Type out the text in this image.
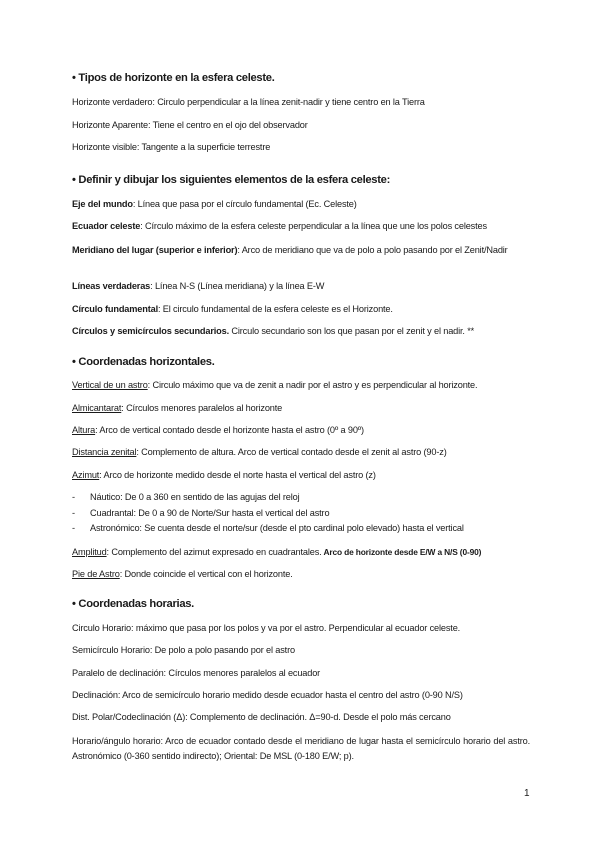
• Tipos de horizonte en la esfera celeste.
Horizonte verdadero: Circulo perpendicular a la línea zenit-nadir y tiene centro en la Tierra
Horizonte Aparente: Tiene el centro en el ojo del observador
Horizonte visible: Tangente a la superficie terrestre
• Definir y dibujar los siguientes elementos de la esfera celeste:
Eje del mundo: Línea que pasa por el círculo fundamental (Ec. Celeste)
Ecuador celeste: Círculo máximo de la esfera celeste perpendicular a la línea que une los polos celestes
Meridiano del lugar (superior e inferior): Arco de meridiano que va de polo a polo pasando por el Zenit/Nadir
Líneas verdaderas: Línea N-S (Línea meridiana) y la línea E-W
Círculo fundamental: El circulo fundamental de la esfera celeste es el Horizonte.
Círculos y semicírculos secundarios. Circulo secundario son los que pasan por el zenit y el nadir. **
• Coordenadas horizontales.
Vertical de un astro: Circulo máximo que va de zenit a nadir por el astro y es perpendicular al horizonte.
Almicantarat: Círculos menores paralelos al horizonte
Altura: Arco de vertical contado desde el horizonte hasta el astro (0º a 90º)
Distancia zenital: Complemento de altura. Arco de vertical contado desde el zenit al astro (90-z)
Azimut: Arco de horizonte medido desde el norte hasta el vertical del astro (z)
- Náutico: De 0 a 360 en sentido de las agujas del reloj
- Cuadrantal: De 0 a 90 de Norte/Sur hasta el vertical del astro
- Astronómico: Se cuenta desde el norte/sur (desde el pto cardinal polo elevado) hasta el vertical
Amplitud: Complemento del azimut expresado en cuadrantales. Arco de horizonte desde E/W a N/S (0-90)
Pie de Astro: Donde coincide el vertical con el horizonte.
• Coordenadas horarias.
Circulo Horario: máximo que pasa por los polos y va por el astro. Perpendicular al ecuador celeste.
Semicírculo Horario: De polo a polo pasando por el astro
Paralelo de declinación: Círculos menores paralelos al ecuador
Declinación: Arco de semicírculo horario medido desde ecuador hasta el centro del astro (0-90 N/S)
Dist. Polar/Codeclinación (Δ): Complemento de declinación. Δ=90-d. Desde el polo más cercano
Horario/ángulo horario: Arco de ecuador contado desde el meridiano de lugar hasta el semicírculo horario del astro. Astronómico (0-360 sentido indirecto); Oriental: De MSL (0-180 E/W; p).
1
